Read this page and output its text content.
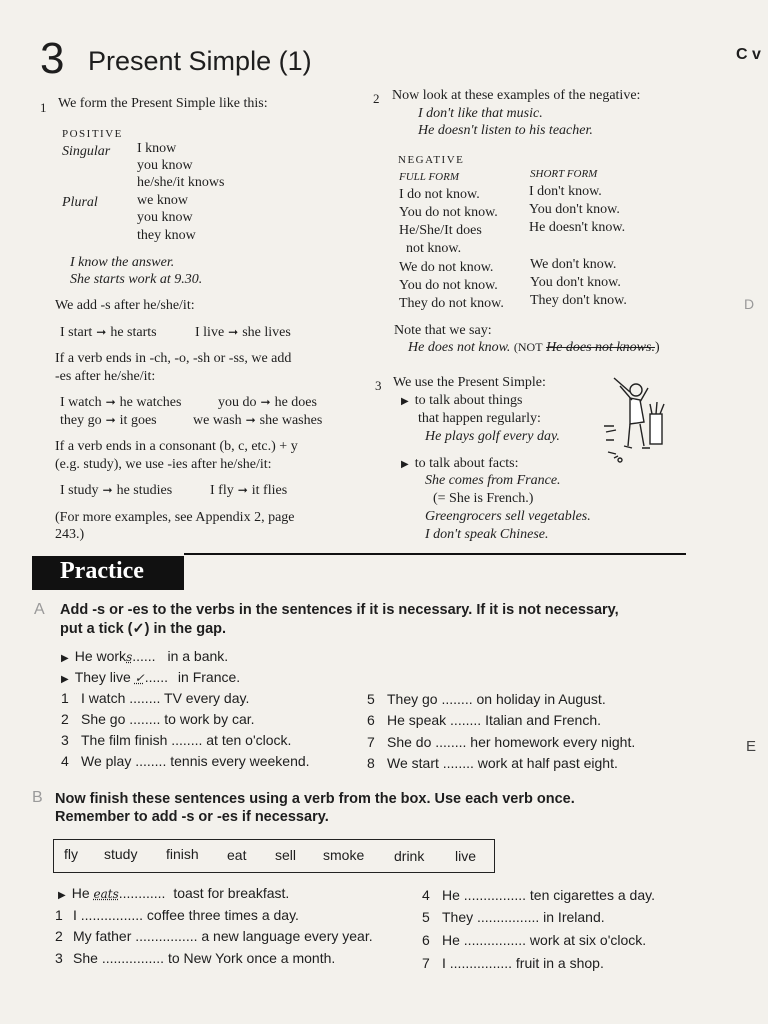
3 Present Simple (1)	C v
D
E
1 We form the Present Simple like this:
POSITIVE
Singular I know
you know
he/she/it knows
Plural	we know
you know
they know
I know the answer.
She starts work at 9.30.
We add -s after he/she/it:
I start ➞ he starts	I live ➞ she lives
If a verb ends in -ch, -o, -sh or -ss, we add
-es after he/she/it:
I watch ➞ he watches	you do ➞ he does
they go ➞ it goes	we wash ➞ she washes
If a verb ends in a consonant (b, c, etc.) + y
(e.g. study), we use -ies after he/she/it:
I study ➞ he studies	I fly ➞ it flies
(For more examples, see Appendix 2, page
243.)
2 Now look at these examples of the negative:
I don't like that music.
He doesn't listen to his teacher.
NEGATIVE
FULL FORM	SHORT FORM
I do not know.	I don't know.
You do not know. You don't know.
He/She/It does	He doesn't know.
not know.
We do not know.	We don't know.
You do not know. You don't know.
They do not know. They don't know.
Note that we say:
He does not know. (NOT He does not knows.)
3 We use the Present Simple:
▶ to talk about things
that happen regularly:
He plays golf every day.
▶ to talk about facts:
She comes from France.
(= She is French.)
Greengrocers sell vegetables.
I don't speak Chinese.
Practice
A Add -s or -es to the verbs in the sentences if it is necessary. If it is not necessary,
put a tick (✓) in the gap.
▶ He works...... in a bank.
▶ They live ✓...... in France.
1 I watch ........ TV every day.
2 She go ........ to work by car.
3 The film finish ........ at ten o'clock.
4 We play ........ tennis every weekend.
5 They go ........ on holiday in August.
6 He speak ........ Italian and French.
7 She do ........ her homework every night.
8 We start ........ work at half past eight.
B Now finish these sentences using a verb from the box. Use each verb once.
Remember to add -s or -es if necessary.
fly study finish eat sell smoke drink live
▶ He eats............ toast for breakfast.
1 I ................ coffee three times a day.
2 My father ................ a new language every year.
3 She ................ to New York once a month.
4 He ................ ten cigarettes a day.
5 They ................ in Ireland.
6 He ................ work at six o'clock.
7 I ................ fruit in a shop.
